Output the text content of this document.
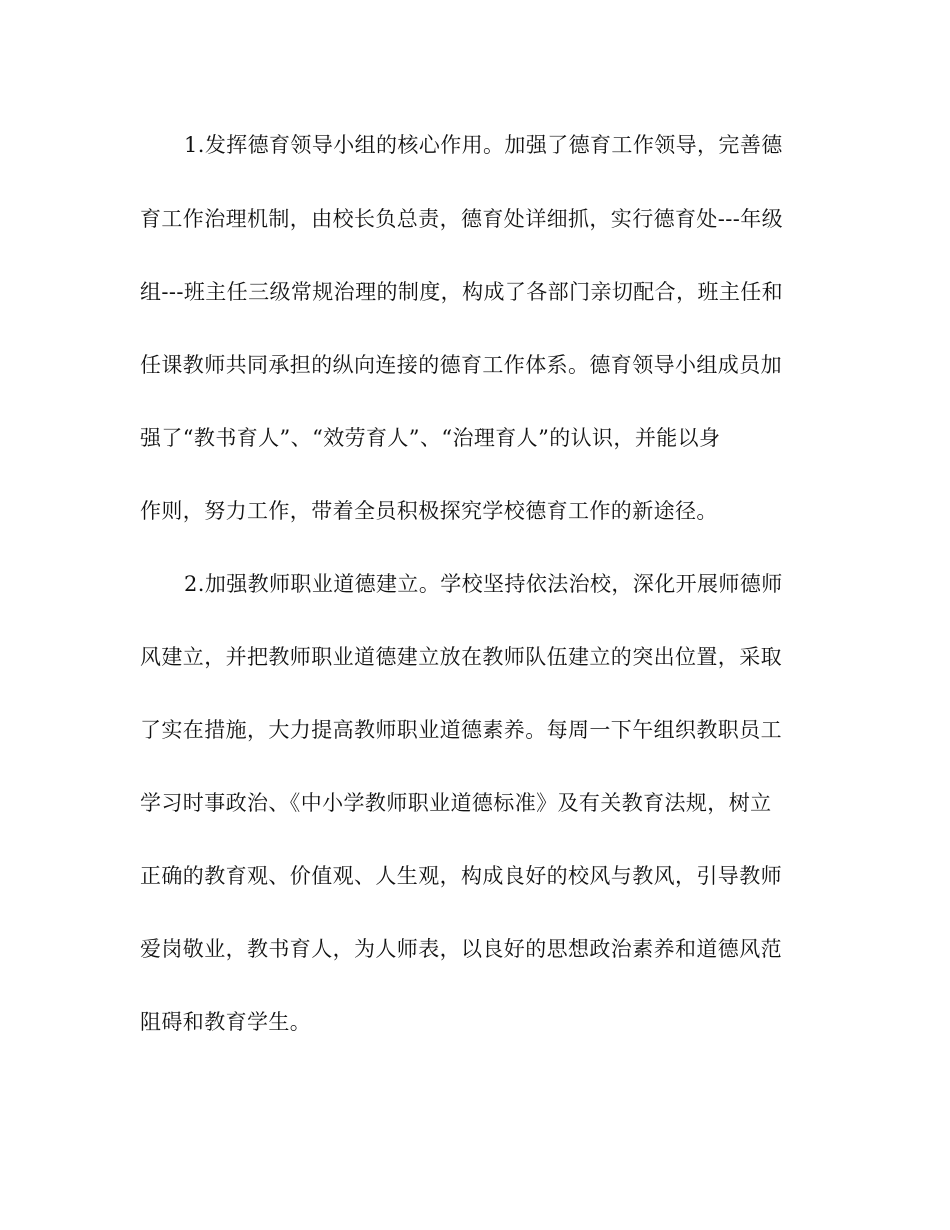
1.发挥德育领导小组的核心作用。加强了德育工作领导，完善德
育工作治理机制，由校长负总责，德育处详细抓，实行德育处---年级
组---班主任三级常规治理的制度，构成了各部门亲切配合，班主任和
任课教师共同承担的纵向连接的德育工作体系。德育领导小组成员加
强了“教书育人”、“效劳育人”、“治理育人”的认识，并能以身
作则，努力工作，带着全员积极探究学校德育工作的新途径。
2.加强教师职业道德建立。学校坚持依法治校，深化开展师德师
风建立，并把教师职业道德建立放在教师队伍建立的突出位置，采取
了实在措施，大力提高教师职业道德素养。每周一下午组织教职员工
学习时事政治、《中小学教师职业道德标准》及有关教育法规，树立
正确的教育观、价值观、人生观，构成良好的校风与教风，引导教师
爱岗敬业，教书育人，为人师表，以良好的思想政治素养和道德风范
阻碍和教育学生。
